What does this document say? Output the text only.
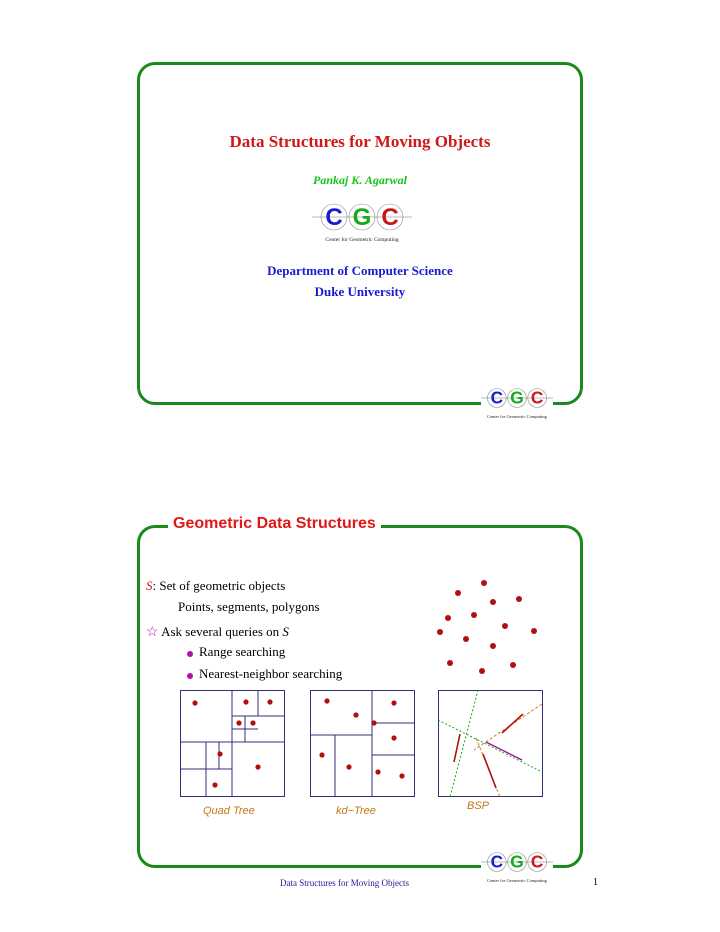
Data Structures for Moving Objects
Pankaj K. Agarwal
C G C
Center for Geometric Computing
Department of Computer Science
Duke University
C G C
Center for Geometric Computing
Geometric Data Structures
S: Set of geometric objects
Points, segments, polygons
☆ Ask several queries on S
Range searching
Nearest-neighbor searching
Quad Tree	kd−Tree	BSP
C G C
Center for Geometric Computing
Data Structures for Moving Objects	1
